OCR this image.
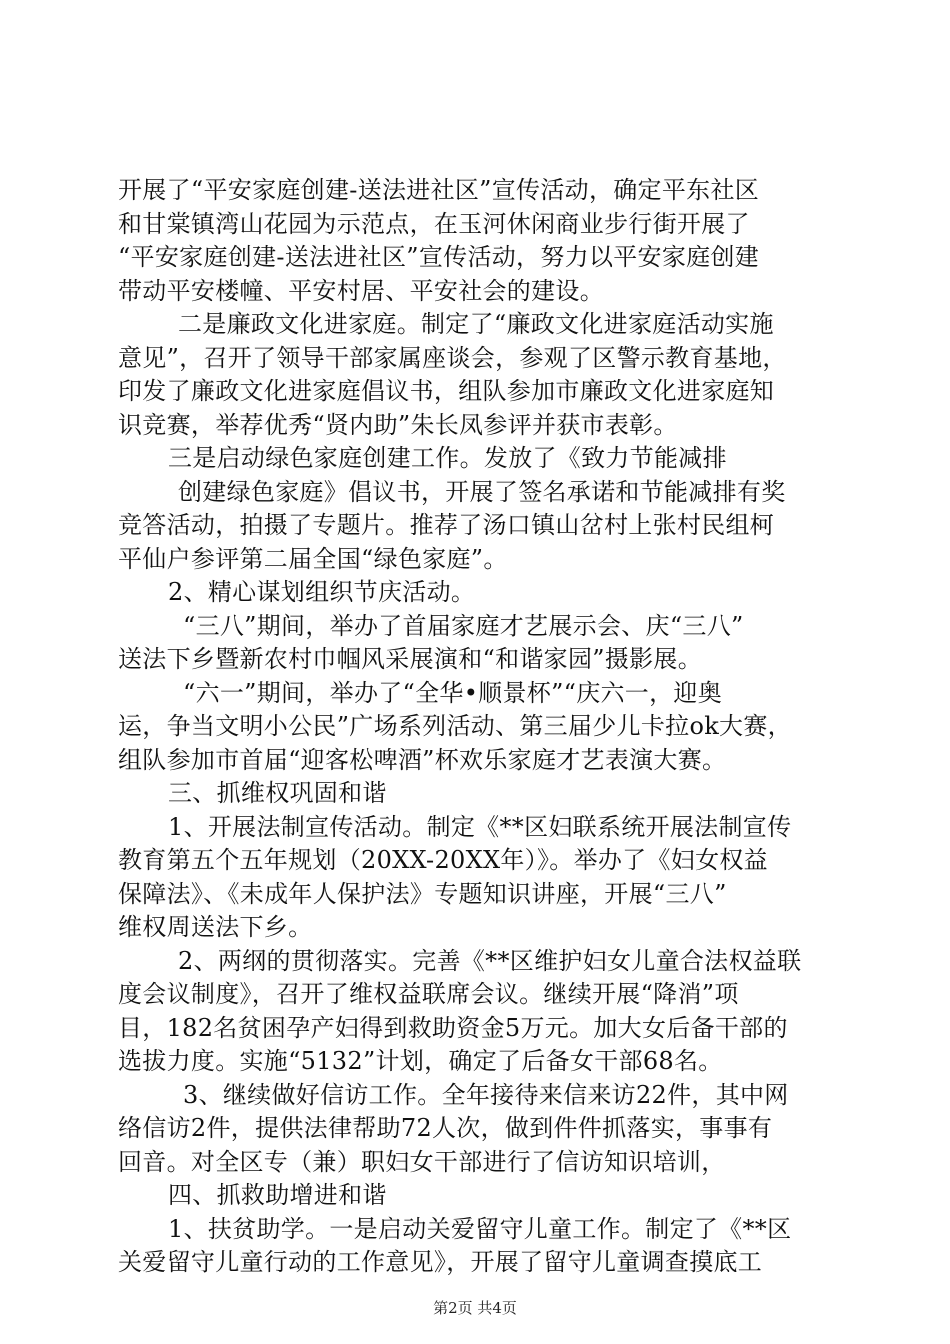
开展了“平安家庭创建-送法进社区”宣传活动，确定平东社区
和甘棠镇湾山花园为示范点，在玉河休闲商业步行街开展了
“平安家庭创建-送法进社区”宣传活动，努力以平安家庭创建
带动平安楼幢、平安村居、平安社会的建设。
二是廉政文化进家庭。制定了“廉政文化进家庭活动实施
意见”，召开了领导干部家属座谈会，参观了区警示教育基地，
印发了廉政文化进家庭倡议书，组队参加市廉政文化进家庭知
识竞赛，举荐优秀“贤内助”朱长凤参评并获市表彰。
三是启动绿色家庭创建工作。发放了《致力节能减排
创建绿色家庭》倡议书，开展了签名承诺和节能减排有奖
竞答活动，拍摄了专题片。推荐了汤口镇山岔村上张村民组柯
平仙户参评第二届全国“绿色家庭”。
2、精心谋划组织节庆活动。
“三八”期间，举办了首届家庭才艺展示会、庆“三八”
送法下乡暨新农村巾帼风采展演和“和谐家园”摄影展。
“六一”期间，举办了“全华•顺景杯”“庆六一，迎奥
运，争当文明小公民”广场系列活动、第三届少儿卡拉ok大赛，
组队参加市首届“迎客松啤酒”杯欢乐家庭才艺表演大赛。
三、抓维权巩固和谐
1、开展法制宣传活动。制定《**区妇联系统开展法制宣传
教育第五个五年规划（20XX-20XX年）》。举办了《妇女权益
保障法》、《未成年人保护法》专题知识讲座，开展“三八”
维权周送法下乡。
2、两纲的贯彻落实。完善《**区维护妇女儿童合法权益联
度会议制度》，召开了维权益联席会议。继续开展“降消”项
目，182名贫困孕产妇得到救助资金5万元。加大女后备干部的
选拔力度。实施“5132”计划，确定了后备女干部68名。
3、继续做好信访工作。全年接待来信来访22件，其中网
络信访2件，提供法律帮助72人次，做到件件抓落实，事事有
回音。对全区专（兼）职妇女干部进行了信访知识培训，
四、抓救助增进和谐
1、扶贫助学。一是启动关爱留守儿童工作。制定了《**区
关爱留守儿童行动的工作意见》，开展了留守儿童调查摸底工
第2页 共4页
